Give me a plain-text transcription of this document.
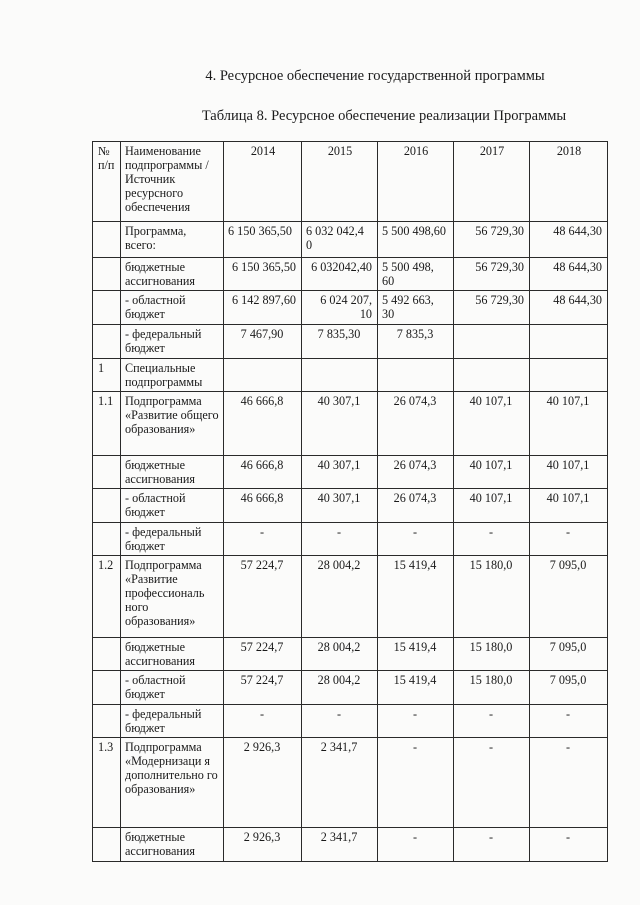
4. Ресурсное обеспечение государственной программы
Таблица 8. Ресурсное обеспечение реализации Программы
№ п/п	Наименование подпрограммы / Источник ресурсного обеспечения	2014	2015	2016	2017	2018
	Программа, всего:	6 150 365,50	6 032 042,4 0	5 500 498,60	56 729,30	48 644,30
	бюджетные ассигнования	6 150 365,50	6 032042,40	5 500 498, 60	56 729,30	48 644,30
	- областной бюджет	6 142 897,60	6 024 207, 10	5 492 663, 30	56 729,30	48 644,30
	- федеральный бюджет	7 467,90	7 835,30	7 835,3		
1	Специальные подпрограммы					
1.1	Подпрограмма «Развитие общего образования»	46 666,8	40 307,1	26 074,3	40 107,1	40 107,1
	бюджетные ассигнования	46 666,8	40 307,1	26 074,3	40 107,1	40 107,1
	- областной бюджет	46 666,8	40 307,1	26 074,3	40 107,1	40 107,1
	- федеральный бюджет	-	-	-	-	-
1.2	Подпрограмма «Развитие профессиональ ного образования»	57 224,7	28 004,2	15 419,4	15 180,0	7 095,0
	бюджетные ассигнования	57 224,7	28 004,2	15 419,4	15 180,0	7 095,0
	- областной бюджет	57 224,7	28 004,2	15 419,4	15 180,0	7 095,0
	- федеральный бюджет	-	-	-	-	-
1.3	Подпрограмма «Модернизаци я дополнительно го образования»	2 926,3	2 341,7	-	-	-
	бюджетные ассигнования	2 926,3	2 341,7	-	-	-
